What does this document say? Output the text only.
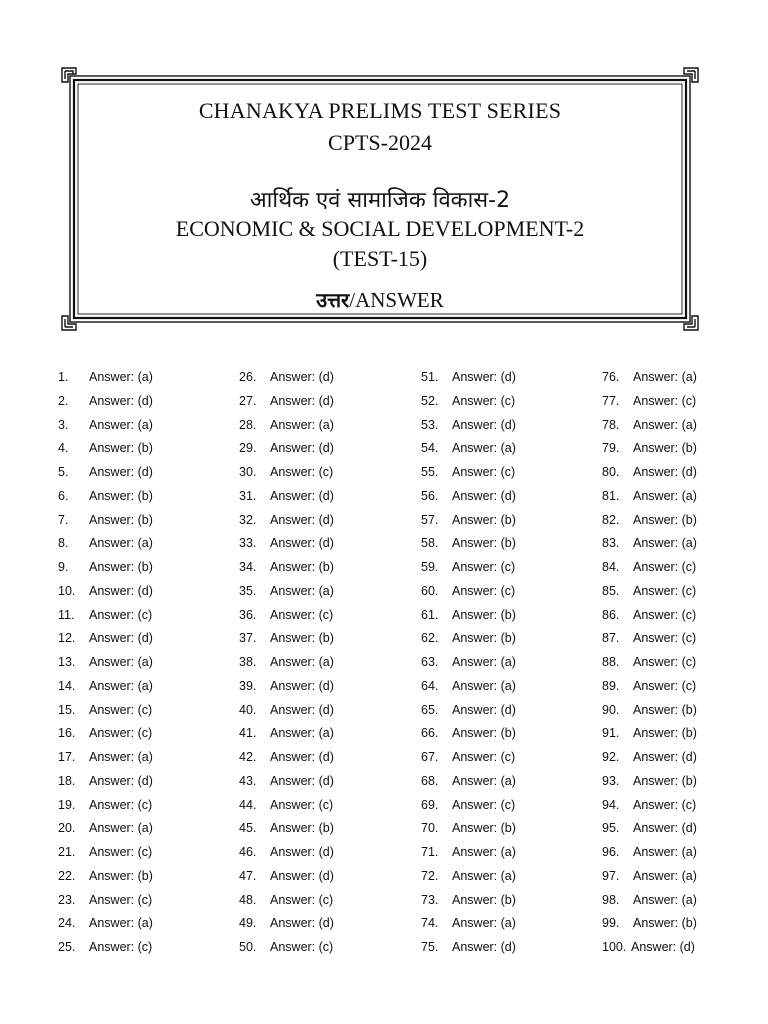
CHANAKYA PRELIMS TEST SERIES
CPTS-2024
आर्थिक एवं सामाजिक विकास-2
ECONOMIC & SOCIAL DEVELOPMENT-2
(TEST-15)
उत्तर/ANSWER
1. Answer: (a)
2. Answer: (d)
3. Answer: (a)
4. Answer: (b)
5. Answer: (d)
6. Answer: (b)
7. Answer: (b)
8. Answer: (a)
9. Answer: (b)
10. Answer: (d)
11. Answer: (c)
12. Answer: (d)
13. Answer: (a)
14. Answer: (a)
15. Answer: (c)
16. Answer: (c)
17. Answer: (a)
18. Answer: (d)
19. Answer: (c)
20. Answer: (a)
21. Answer: (c)
22. Answer: (b)
23. Answer: (c)
24. Answer: (a)
25. Answer: (c)
26. Answer: (d)
27. Answer: (d)
28. Answer: (a)
29. Answer: (d)
30. Answer: (c)
31. Answer: (d)
32. Answer: (d)
33. Answer: (d)
34. Answer: (b)
35. Answer: (a)
36. Answer: (c)
37. Answer: (b)
38. Answer: (a)
39. Answer: (d)
40. Answer: (d)
41. Answer: (a)
42. Answer: (d)
43. Answer: (d)
44. Answer: (c)
45. Answer: (b)
46. Answer: (d)
47. Answer: (d)
48. Answer: (c)
49. Answer: (d)
50. Answer: (c)
51. Answer: (d)
52. Answer: (c)
53. Answer: (d)
54. Answer: (a)
55. Answer: (c)
56. Answer: (d)
57. Answer: (b)
58. Answer: (b)
59. Answer: (c)
60. Answer: (c)
61. Answer: (b)
62. Answer: (b)
63. Answer: (a)
64. Answer: (a)
65. Answer: (d)
66. Answer: (b)
67. Answer: (c)
68. Answer: (a)
69. Answer: (c)
70. Answer: (b)
71. Answer: (a)
72. Answer: (a)
73. Answer: (b)
74. Answer: (a)
75. Answer: (d)
76. Answer: (a)
77. Answer: (c)
78. Answer: (a)
79. Answer: (b)
80. Answer: (d)
81. Answer: (a)
82. Answer: (b)
83. Answer: (a)
84. Answer: (c)
85. Answer: (c)
86. Answer: (c)
87. Answer: (c)
88. Answer: (c)
89. Answer: (c)
90. Answer: (b)
91. Answer: (b)
92. Answer: (d)
93. Answer: (b)
94. Answer: (c)
95. Answer: (d)
96. Answer: (a)
97. Answer: (a)
98. Answer: (a)
99. Answer: (b)
100. Answer: (d)
